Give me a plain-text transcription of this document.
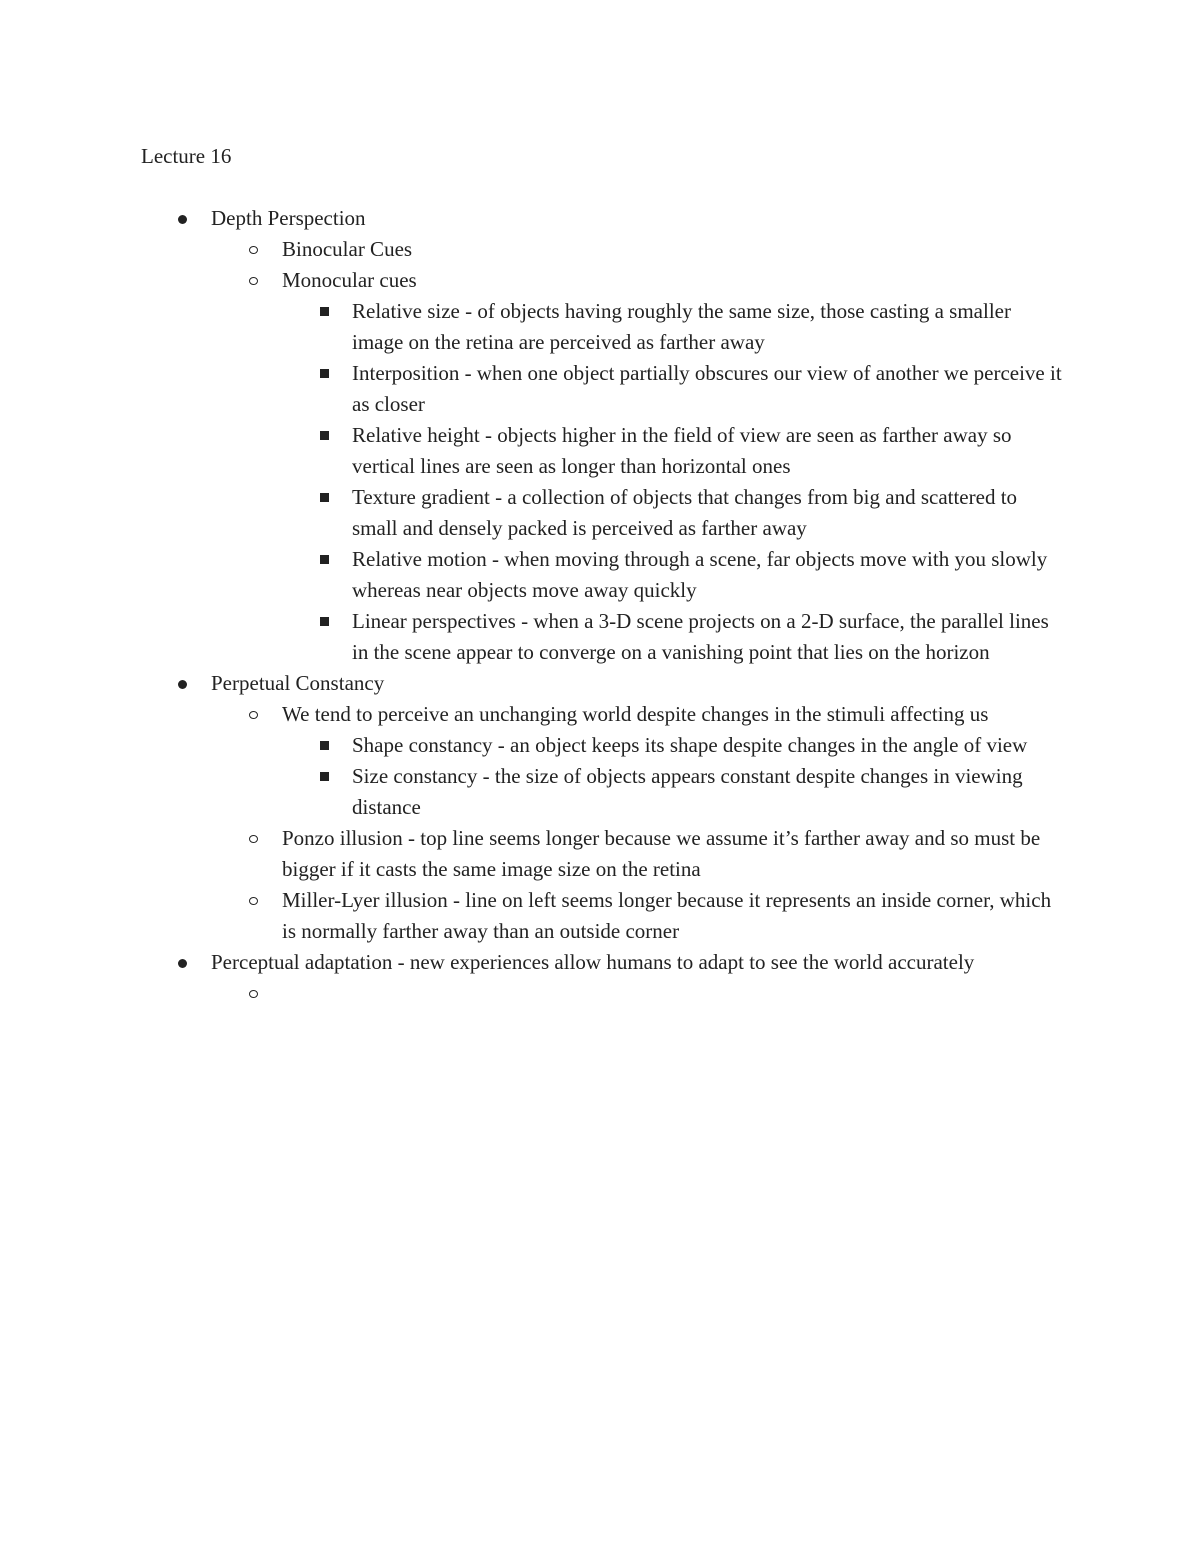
Lecture 16
Depth Perspection
Binocular Cues
Monocular cues
Relative size - of objects having roughly the same size, those casting a smaller image on the retina are perceived as farther away
Interposition - when one object partially obscures our view of another we perceive it as closer
Relative height - objects higher in the field of view are seen as farther away so vertical lines are seen as longer than horizontal ones
Texture gradient - a collection of objects that changes from big and scattered to small and densely packed is perceived as farther away
Relative motion - when moving through a scene, far objects move with you slowly whereas near objects move away quickly
Linear perspectives - when a 3-D scene projects on a 2-D surface, the parallel lines in the scene appear to converge on a vanishing point that lies on the horizon
Perpetual Constancy
We tend to perceive an unchanging world despite changes in the stimuli affecting us
Shape constancy - an object keeps its shape despite changes in the angle of view
Size constancy - the size of objects appears constant despite changes in viewing distance
Ponzo illusion - top line seems longer because we assume it’s farther away and so must be bigger if it casts the same image size on the retina
Miller-Lyer illusion - line on left seems longer because it represents an inside corner, which is normally farther away than an outside corner
Perceptual adaptation - new experiences allow humans to adapt to see the world accurately
